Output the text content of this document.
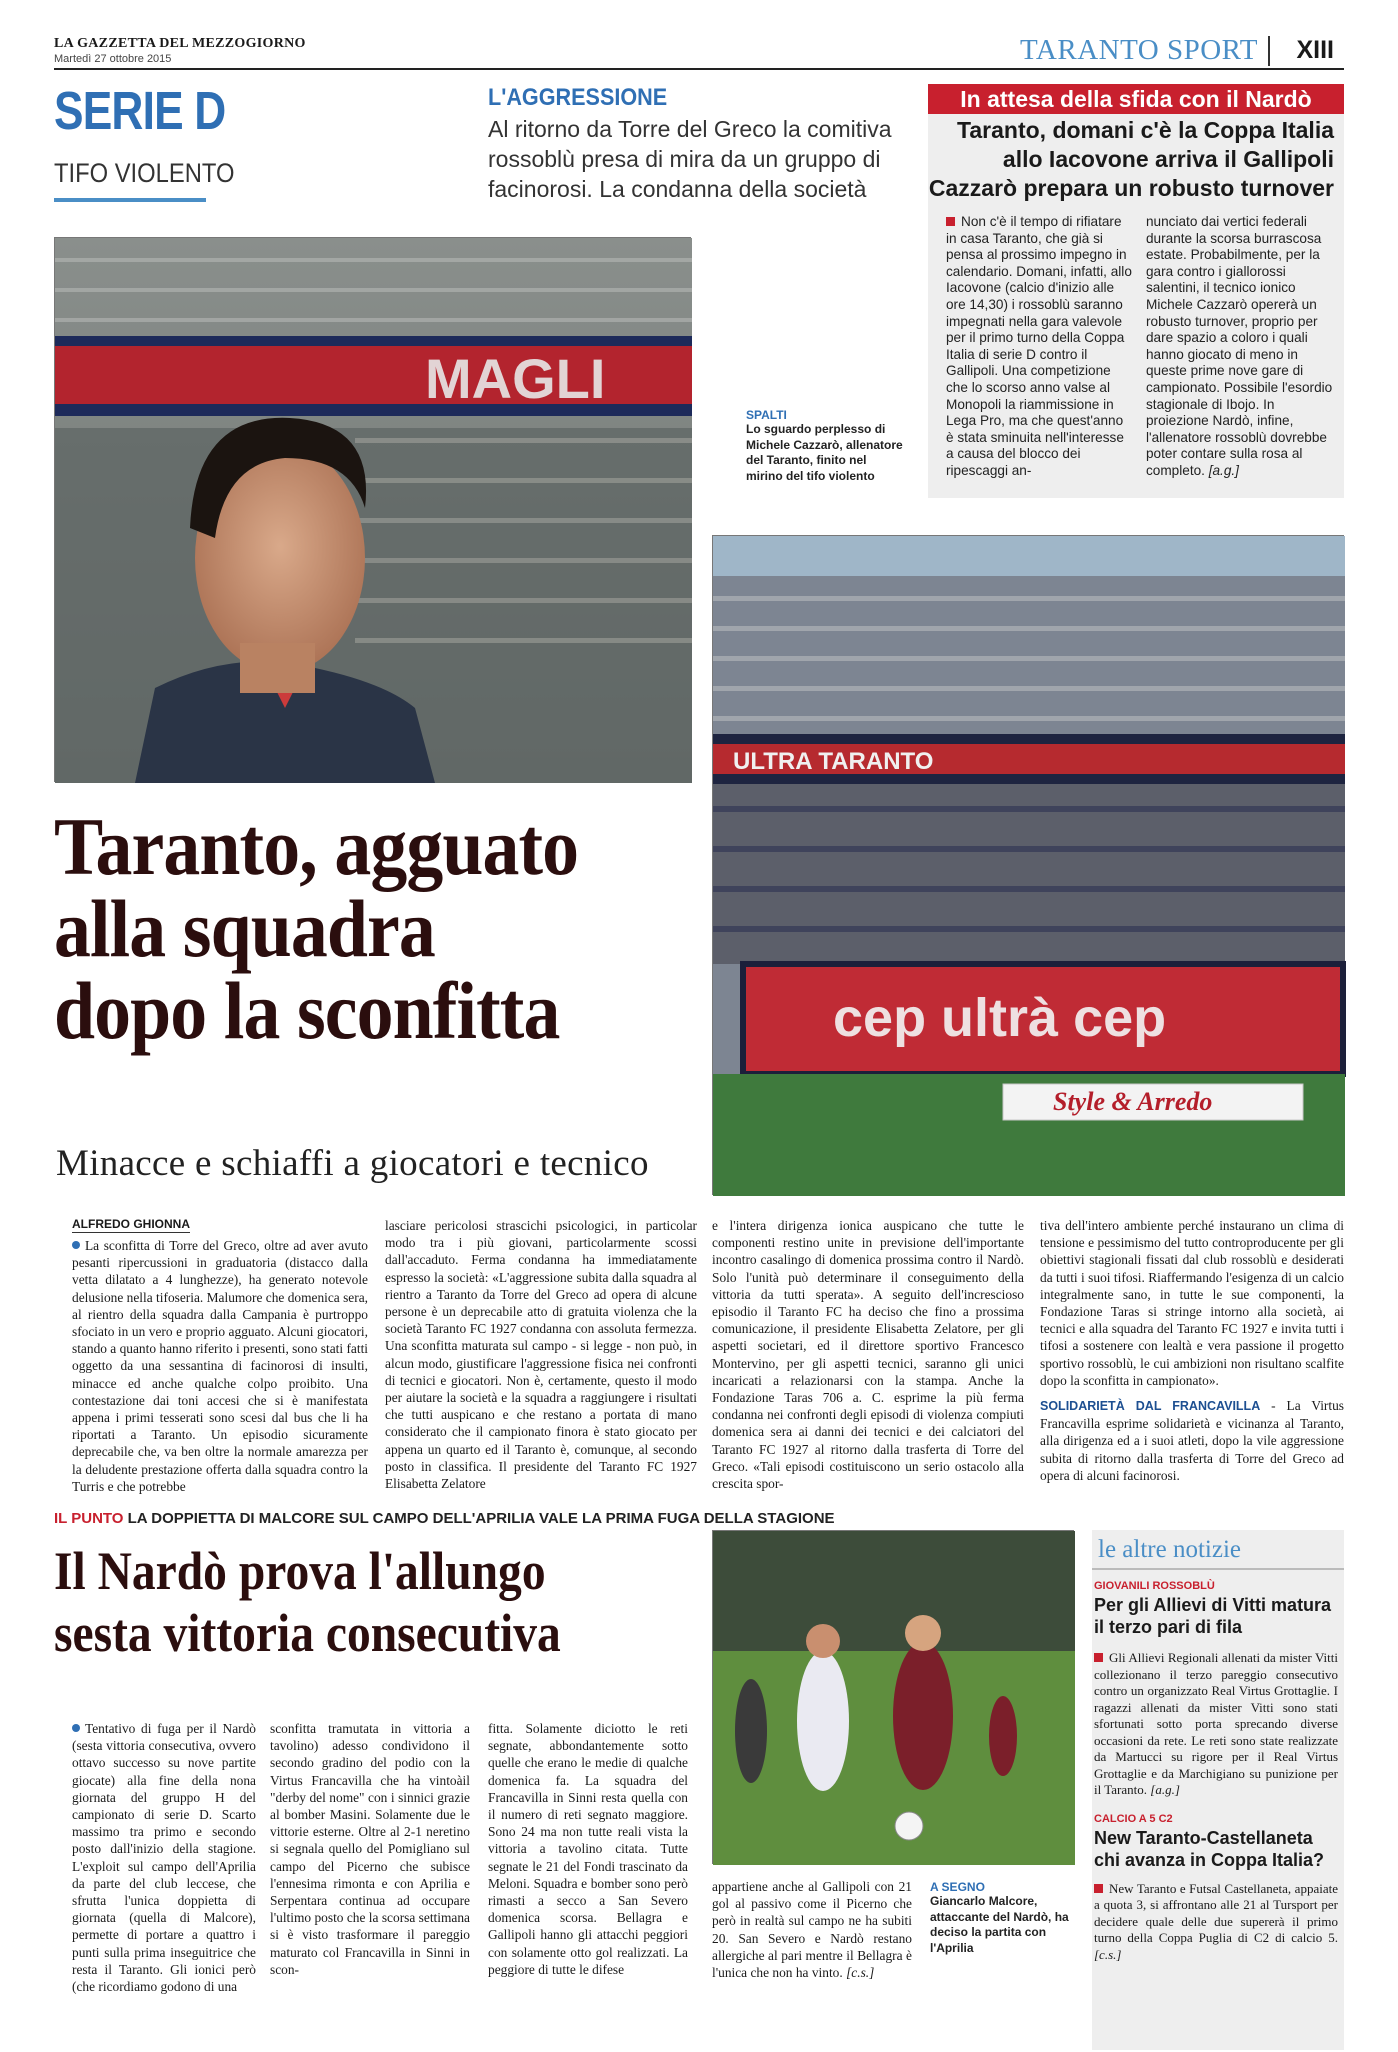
LA GAZZETTA DEL MEZZOGIORNO
Martedì 27 ottobre 2015	TARANTO SPORT XIII
SERIE D
TIFO VIOLENTO
L'AGGRESSIONE
Al ritorno da Torre del Greco la comitiva rossoblù presa di mira da un gruppo di facinorosi. La condanna della società
In attesa della sfida con il Nardò
Taranto, domani c'è la Coppa Italia
allo Iacovone arriva il Gallipoli
Cazzarò prepara un robusto turnover
Non c'è il tempo di rifiatare in casa Taranto, che già si pensa al prossimo impegno in calendario. Domani, infatti, allo Iacovone (calcio d'inizio alle ore 14,30) i rossoblù saranno impegnati nella gara valevole per il primo turno della Coppa Italia di serie D contro il Gallipoli. Una competizione che lo scorso anno valse al Monopoli la riammissione in Lega Pro, ma che quest'anno è stata sminuita nell'interesse a causa del blocco dei ripescaggi an-
nunciato dai vertici federali durante la scorsa burrascosa estate. Probabilmente, per la gara contro i giallorossi salentini, il tecnico ionico Michele Cazzarò opererà un robusto turnover, proprio per dare spazio a coloro i quali hanno giocato di meno in queste prime nove gare di campionato. Possibile l'esordio stagionale di Ibojo. In proiezione Nardò, infine, l'allenatore rossoblù dovrebbe poter contare sulla rosa al completo. [a.g.]
MAGLI
SPALTI
Lo sguardo perplesso di Michele Cazzarò, allenatore del Taranto, finito nel mirino del tifo violento
ULTRA TARANTO
cep ultrà cep
Style & Arredo
Taranto, agguato
alla squadra
dopo la sconfitta
Minacce e schiaffi a giocatori e tecnico
ALFREDO GHIONNA
La sconfitta di Torre del Greco, oltre ad aver avuto pesanti ripercussioni in graduatoria (distacco dalla vetta dilatato a 4 lunghezze), ha generato notevole delusione nella tifoseria. Malumore che domenica sera, al rientro della squadra dalla Campania è purtroppo sfociato in un vero e proprio agguato. Alcuni giocatori, stando a quanto hanno riferito i presenti, sono stati fatti oggetto da una sessantina di facinorosi di insulti, minacce ed anche qualche colpo proibito. Una contestazione dai toni accesi che si è manifestata appena i primi tesserati sono scesi dal bus che li ha riportati a Taranto. Un episodio sicuramente deprecabile che, va ben oltre la normale amarezza per la deludente prestazione offerta dalla squadra contro la Turris e che potrebbe
lasciare pericolosi strascichi psicologici, in particolar modo tra i più giovani, particolarmente scossi dall'accaduto. Ferma condanna ha immediatamente espresso la società: «L'aggressione subita dalla squadra al rientro a Taranto da Torre del Greco ad opera di alcune persone è un deprecabile atto di gratuita violenza che la società Taranto FC 1927 condanna con assoluta fermezza. Una sconfitta maturata sul campo - si legge - non può, in alcun modo, giustificare l'aggressione fisica nei confronti di tecnici e giocatori. Non è, certamente, questo il modo per aiutare la società e la squadra a raggiungere i risultati che tutti auspicano e che restano a portata di mano considerato che il campionato finora è stato giocato per appena un quarto ed il Taranto è, comunque, al secondo posto in classifica. Il presidente del Taranto FC 1927 Elisabetta Zelatore
e l'intera dirigenza ionica auspicano che tutte le componenti restino unite in previsione dell'importante incontro casalingo di domenica prossima contro il Nardò. Solo l'unità può determinare il conseguimento della vittoria da tutti sperata». A seguito dell'increscioso episodio il Taranto FC ha deciso che fino a prossima comunicazione, il presidente Elisabetta Zelatore, per gli aspetti societari, ed il direttore sportivo Francesco Montervino, per gli aspetti tecnici, saranno gli unici incaricati a relazionarsi con la stampa. Anche la Fondazione Taras 706 a. C. esprime la più ferma condanna nei confronti degli episodi di violenza compiuti domenica sera ai danni dei tecnici e dei calciatori del Taranto FC 1927 al ritorno dalla trasferta di Torre del Greco. «Tali episodi costituiscono un serio ostacolo alla crescita spor-
tiva dell'intero ambiente perché instaurano un clima di tensione e pessimismo del tutto controproducente per gli obiettivi stagionali fissati dal club rossoblù e desiderati da tutti i suoi tifosi. Riaffermando l'esigenza di un calcio integralmente sano, in tutte le sue componenti, la Fondazione Taras si stringe intorno alla società, ai tecnici e alla squadra del Taranto FC 1927 e invita tutti i tifosi a sostenere con lealtà e vera passione il progetto sportivo rossoblù, le cui ambizioni non risultano scalfite dopo la sconfitta in campionato».
SOLIDARIETÀ DAL FRANCAVILLA - La Virtus Francavilla esprime solidarietà e vicinanza al Taranto, alla dirigenza ed a i suoi atleti, dopo la vile aggressione subita di ritorno dalla trasferta di Torre del Greco ad opera di alcuni facinorosi.
IL PUNTO LA DOPPIETTA DI MALCORE SUL CAMPO DELL'APRILIA VALE LA PRIMA FUGA DELLA STAGIONE
Il Nardò prova l'allungo
sesta vittoria consecutiva
Tentativo di fuga per il Nardò (sesta vittoria consecutiva, ovvero ottavo successo su nove partite giocate) alla fine della nona giornata del gruppo H del campionato di serie D. Scarto massimo tra primo e secondo posto dall'inizio della stagione. L'exploit sul campo dell'Aprilia da parte del club leccese, che sfrutta l'unica doppietta di giornata (quella di Malcore), permette di portare a quattro i punti sulla prima inseguitrice che resta il Taranto. Gli ionici però (che ricordiamo godono di una
sconfitta tramutata in vittoria a tavolino) adesso condividono il secondo gradino del podio con la Virtus Francavilla che ha vintoàil "derby del nome" con i sinnici grazie al bomber Masini. Solamente due le vittorie esterne. Oltre al 2-1 neretino si segnala quello del Pomigliano sul campo del Picerno che subisce l'ennesima rimonta e con Aprilia e Serpentara continua ad occupare l'ultimo posto che la scorsa settimana si è visto trasformare il pareggio maturato col Francavilla in Sinni in scon-
fitta. Solamente diciotto le reti segnate, abbondantemente sotto quelle che erano le medie di qualche domenica fa. La squadra del Francavilla in Sinni resta quella con il numero di reti segnato maggiore. Sono 24 ma non tutte reali vista la vittoria a tavolino citata. Tutte segnate le 21 del Fondi trascinato da Meloni. Squadra e bomber sono però rimasti a secco a San Severo domenica scorsa. Bellagra e Gallipoli hanno gli attacchi peggiori con solamente otto gol realizzati. La peggiore di tutte le difese
appartiene anche al Gallipoli con 21 gol al passivo come il Picerno che però in realtà sul campo ne ha subiti 20. San Severo e Nardò restano allergiche al pari mentre il Bellagra è l'unica che non ha vinto. [c.s.]
A SEGNO
Giancarlo Malcore, attaccante del Nardò, ha deciso la partita con l'Aprilia
le altre notizie
GIOVANILI ROSSOBLÙ
Per gli Allievi di Vitti matura il terzo pari di fila
Gli Allievi Regionali allenati da mister Vitti collezionano il terzo pareggio consecutivo contro un organizzato Real Virtus Grottaglie. I ragazzi allenati da mister Vitti sono stati sfortunati sotto porta sprecando diverse occasioni da rete. Le reti sono state realizzate da Martucci su rigore per il Real Virtus Grottaglie e da Marchigiano su punizione per il Taranto. [a.g.]
CALCIO A 5 C2
New Taranto-Castellaneta chi avanza in Coppa Italia?
New Taranto e Futsal Castellaneta, appaiate a quota 3, si affrontano alle 21 al Tursport per decidere quale delle due supererà il primo turno della Coppa Puglia di C2 di calcio 5. [c.s.]
